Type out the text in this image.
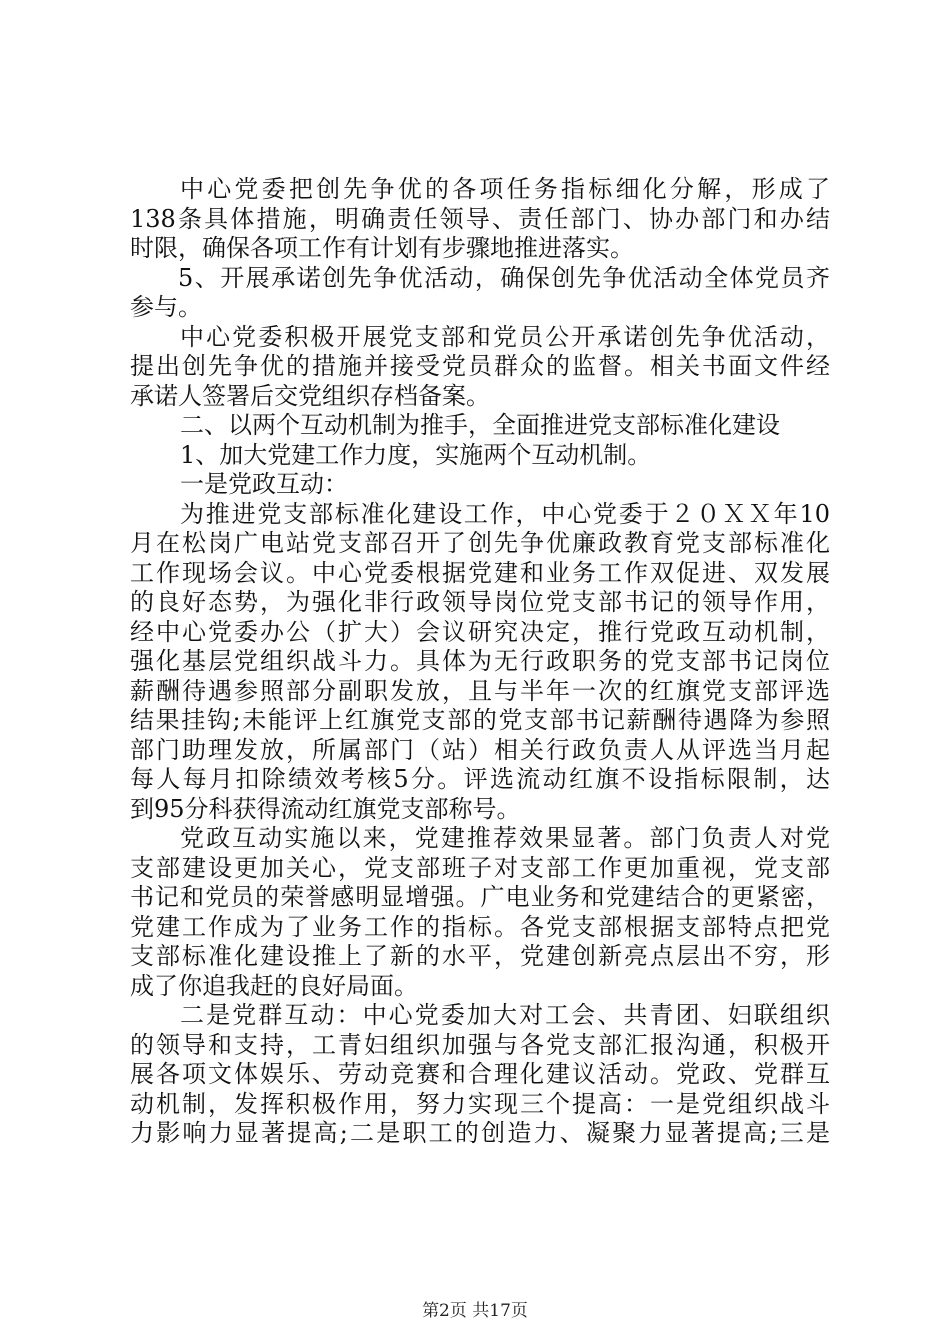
中心党委把创先争优的各项任务指标细化分解，形成了
138条具体措施，明确责任领导、责任部门、协办部门和办结
时限，确保各项工作有计划有步骤地推进落实。
5、开展承诺创先争优活动，确保创先争优活动全体党员齐
参与。
中心党委积极开展党支部和党员公开承诺创先争优活动，
提出创先争优的措施并接受党员群众的监督。相关书面文件经
承诺人签署后交党组织存档备案。
二、以两个互动机制为推手，全面推进党支部标准化建设
1、加大党建工作力度，实施两个互动机制。
一是党政互动：
为推进党支部标准化建设工作，中心党委于２０ＸＸ年10
月在松岗广电站党支部召开了创先争优廉政教育党支部标准化
工作现场会议。中心党委根据党建和业务工作双促进、双发展
的良好态势，为强化非行政领导岗位党支部书记的领导作用，
经中心党委办公（扩大）会议研究决定，推行党政互动机制，
强化基层党组织战斗力。具体为无行政职务的党支部书记岗位
薪酬待遇参照部分副职发放，且与半年一次的红旗党支部评选
结果挂钩;未能评上红旗党支部的党支部书记薪酬待遇降为参照
部门助理发放，所属部门（站）相关行政负责人从评选当月起
每人每月扣除绩效考核5分。评选流动红旗不设指标限制，达
到95分科获得流动红旗党支部称号。
党政互动实施以来，党建推荐效果显著。部门负责人对党
支部建设更加关心，党支部班子对支部工作更加重视，党支部
书记和党员的荣誉感明显增强。广电业务和党建结合的更紧密，
党建工作成为了业务工作的指标。各党支部根据支部特点把党
支部标准化建设推上了新的水平，党建创新亮点层出不穷，形
成了你追我赶的良好局面。
二是党群互动：中心党委加大对工会、共青团、妇联组织
的领导和支持，工青妇组织加强与各党支部汇报沟通，积极开
展各项文体娱乐、劳动竞赛和合理化建议活动。党政、党群互
动机制，发挥积极作用，努力实现三个提高：一是党组织战斗
力影响力显著提高;二是职工的创造力、凝聚力显著提高;三是
第2页 共17页
